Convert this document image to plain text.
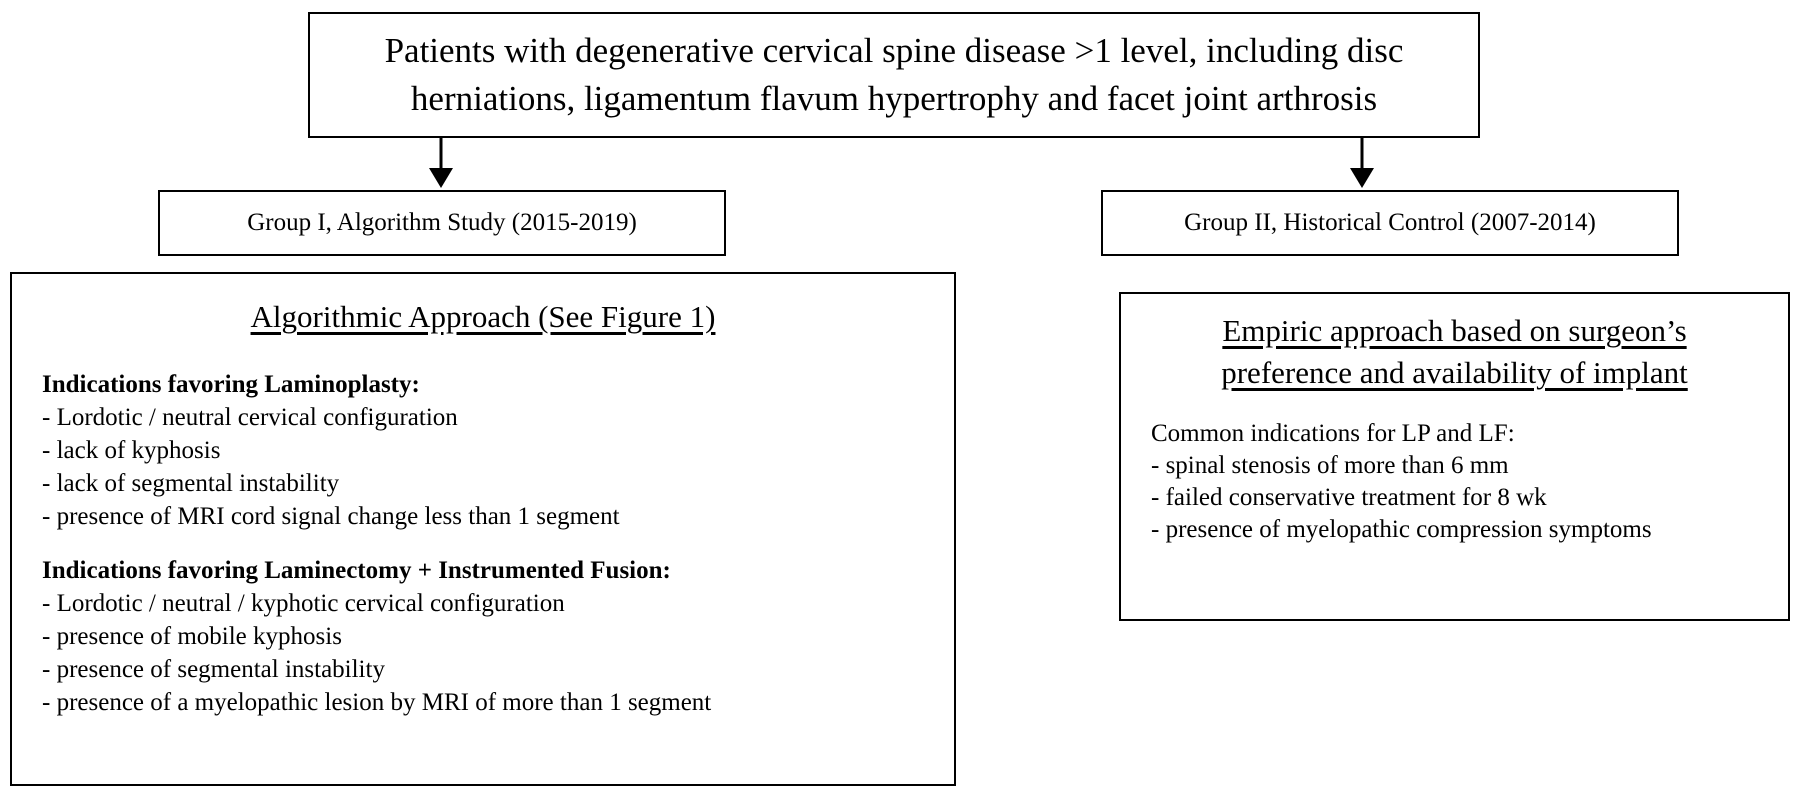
Patients with degenerative cervical spine disease >1 level, including disc
herniations, ligamentum flavum hypertrophy and facet joint arthrosis
Group I, Algorithm Study (2015-2019)	Group II, Historical Control (2007-2014)
Algorithmic Approach (See Figure 1)
Indications favoring Laminoplasty:
- Lordotic / neutral cervical configuration
- lack of kyphosis
- lack of segmental instability
- presence of MRI cord signal change less than 1 segment
Indications favoring Laminectomy + Instrumented Fusion:
- Lordotic / neutral / kyphotic cervical configuration
- presence of mobile kyphosis
- presence of segmental instability
- presence of a myelopathic lesion by MRI of more than 1 segment
Empiric approach based on surgeon’s
preference and availability of implant
Common indications for LP and LF:
- spinal stenosis of more than 6 mm
- failed conservative treatment for 8 wk
- presence of myelopathic compression symptoms
